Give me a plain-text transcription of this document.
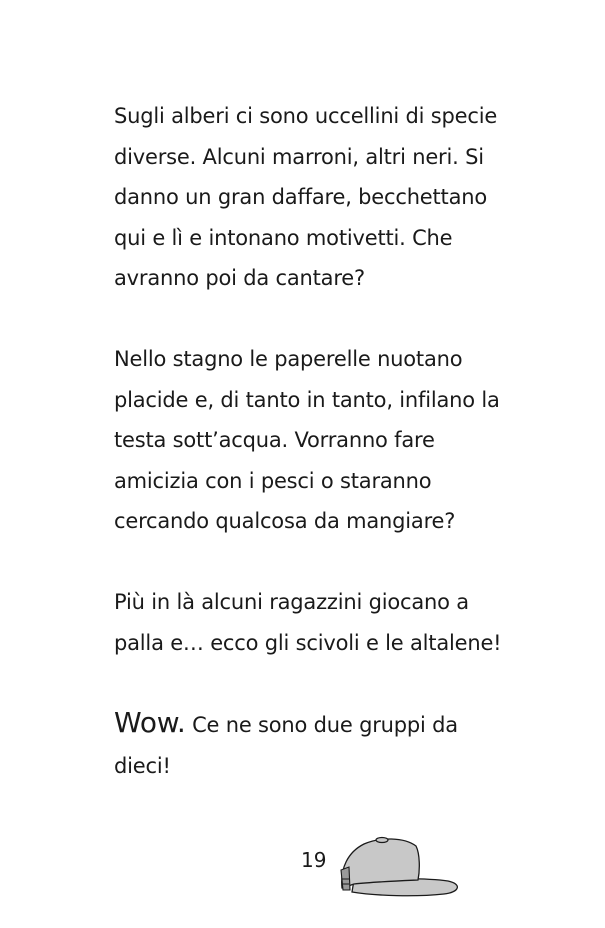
Sugli alberi ci sono uccellini di specie
diverse. Alcuni marroni, altri neri. Si
danno un gran daffare, becchettano
qui e lì e intonano motivetti. Che
avranno poi da cantare?

Nello stagno le paperelle nuotano
placide e, di tanto in tanto, infilano la
testa sott’acqua. Vorranno fare
amicizia con i pesci o staranno
cercando qualcosa da mangiare?

Più in là alcuni ragazzini giocano a
palla e… ecco gli scivoli e le altalene!

Wow. Ce ne sono due gruppi da
dieci!

19
